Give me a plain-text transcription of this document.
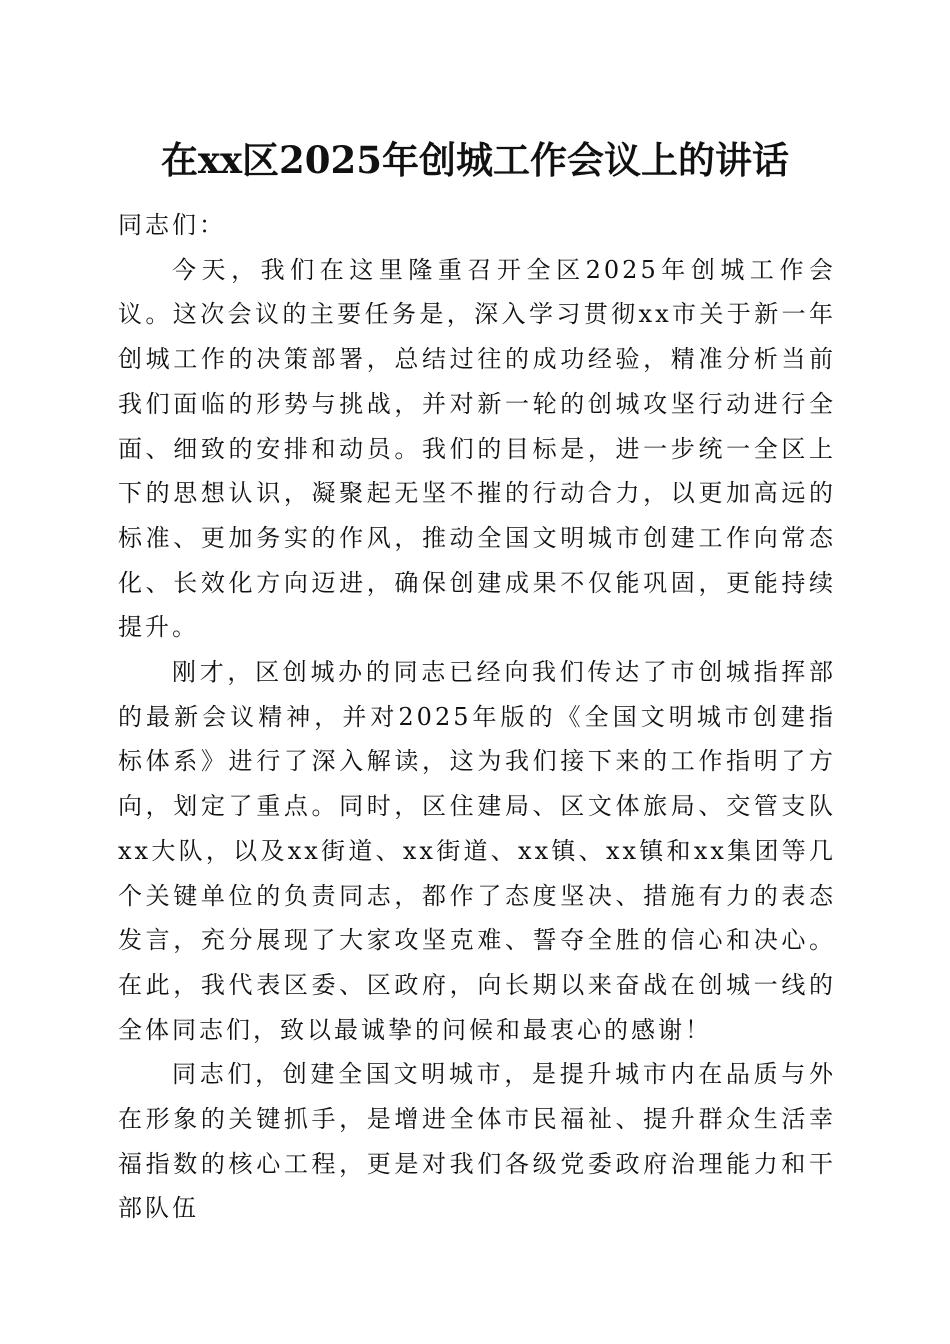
在xx区2025年创城工作会议上的讲话

同志们：

今天，我们在这里隆重召开全区2025年创城工作会议。这次会议的主要任务是，深入学习贯彻xx市关于新一年创城工作的决策部署，总结过往的成功经验，精准分析当前我们面临的形势与挑战，并对新一轮的创城攻坚行动进行全面、细致的安排和动员。我们的目标是，进一步统一全区上下的思想认识，凝聚起无坚不摧的行动合力，以更加高远的标准、更加务实的作风，推动全国文明城市创建工作向常态化、长效化方向迈进，确保创建成果不仅能巩固，更能持续提升。

刚才，区创城办的同志已经向我们传达了市创城指挥部的最新会议精神，并对2025年版的《全国文明城市创建指标体系》进行了深入解读，这为我们接下来的工作指明了方向，划定了重点。同时，区住建局、区文体旅局、交管支队xx大队，以及xx街道、xx街道、xx镇、xx镇和xx集团等几个关键单位的负责同志，都作了态度坚决、措施有力的表态发言，充分展现了大家攻坚克难、誓夺全胜的信心和决心。在此，我代表区委、区政府，向长期以来奋战在创城一线的全体同志们，致以最诚挚的问候和最衷心的感谢！

同志们，创建全国文明城市，是提升城市内在品质与外在形象的关键抓手，是增进全体市民福祉、提升群众生活幸福指数的核心工程，更是对我们各级党委政府治理能力和干部队伍
